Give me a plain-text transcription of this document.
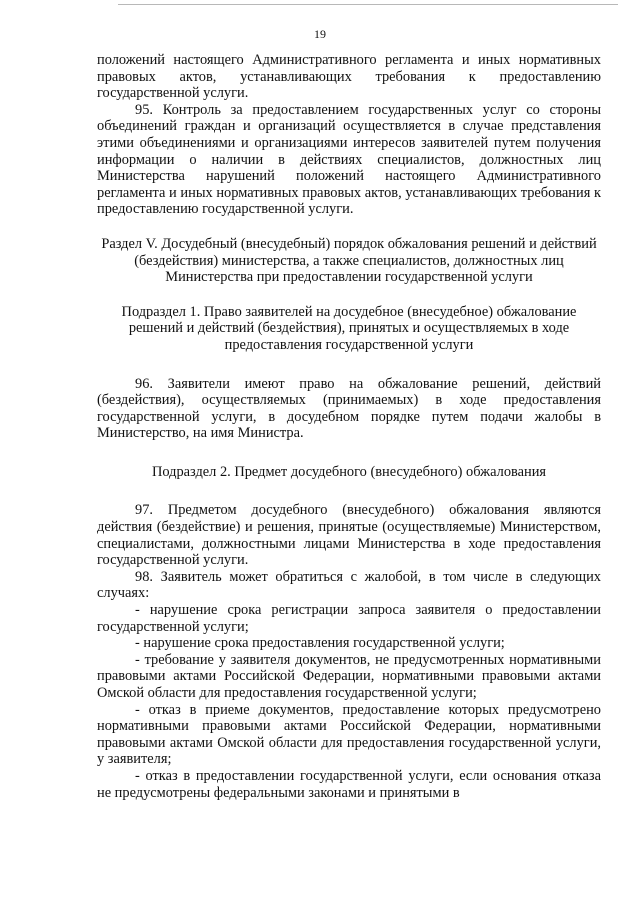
19

положений настоящего Административного регламента и иных нормативных правовых актов, устанавливающих требования к предоставлению государственной услуги.

95. Контроль за предоставлением государственных услуг со стороны объединений граждан и организаций осуществляется в случае представления этими объединениями и организациями интересов заявителей путем получения информации о наличии в действиях специалистов, должностных лиц Министерства нарушений положений настоящего Административного регламента и иных нормативных правовых актов, устанавливающих требования к предоставлению государственной услуги.

Раздел V. Досудебный (внесудебный) порядок обжалования решений и действий (бездействия) министерства, а также специалистов, должностных лиц Министерства при предоставлении государственной услуги

Подраздел 1. Право заявителей на досудебное (внесудебное) обжалование решений и действий (бездействия), принятых и осуществляемых в ходе предоставления государственной услуги

96. Заявители имеют право на обжалование решений, действий (бездействия), осуществляемых (принимаемых) в ходе предоставления государственной услуги, в досудебном порядке путем подачи жалобы в Министерство, на имя Министра.

Подраздел 2. Предмет досудебного (внесудебного) обжалования

97. Предметом досудебного (внесудебного) обжалования являются действия (бездействие) и решения, принятые (осуществляемые) Министерством, специалистами, должностными лицами Министерства в ходе предоставления государственной услуги.

98. Заявитель может обратиться с жалобой, в том числе в следующих случаях:

- нарушение срока регистрации запроса заявителя о предоставлении государственной услуги;

- нарушение срока предоставления государственной услуги;

- требование у заявителя документов, не предусмотренных нормативными правовыми актами Российской Федерации, нормативными правовыми актами Омской области для предоставления государственной услуги;

- отказ в приеме документов, предоставление которых предусмотрено нормативными правовыми актами Российской Федерации, нормативными правовыми актами Омской области для предоставления государственной услуги, у заявителя;

- отказ в предоставлении государственной услуги, если основания отказа не предусмотрены федеральными законами и принятыми в
